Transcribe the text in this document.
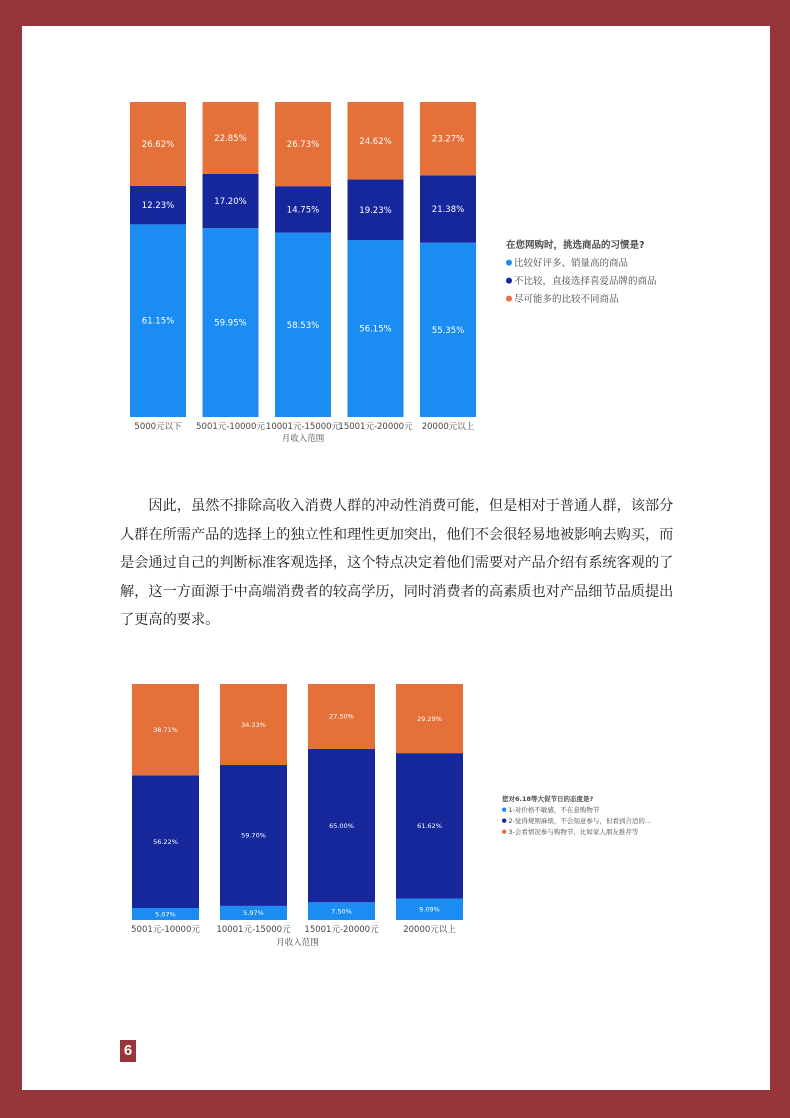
61.15%
12.23%
26.62%
5000元以下
59.95%
17.20%
22.85%
5001元-10000元
58.53%
14.75%
26.73%
10001元-15000元
56.15%
19.23%
24.62%
15001元-20000元
55.35%
21.38%
23.27%
20000元以上
月收入范围
在您网购时，挑选商品的习惯是?
比较好评多、销量高的商品
不比较，直接选择喜爱品牌的商品
尽可能多的比较不同商品

因此，虽然不排除高收入消费人群的冲动性消费可能，但是相对于普通人群，该部分人群在所需产品的选择上的独立性和理性更加突出，他们不会很轻易地被影响去购买，而是会通过自己的判断标准客观选择，这个特点决定着他们需要对产品介绍有系统客观的了解，这一方面源于中高端消费者的较高学历，同时消费者的高素质也对产品细节品质提出了更高的要求。

5.07%
56.22%
38.71%
5001元-10000元
5.97%
59.70%
34.33%
10001元-15000元
7.50%
65.00%
27.50%
15001元-20000元
9.09%
61.62%
29.29%
20000元以上
月收入范围
您对6.18等大促节日的态度是?
1-对价格不敏感，不在意购物节
2-觉得规则麻烦，不会刻意参与，但看到合适的...
3-会看情况参与购物节，比如家人朋友推荐等
6
